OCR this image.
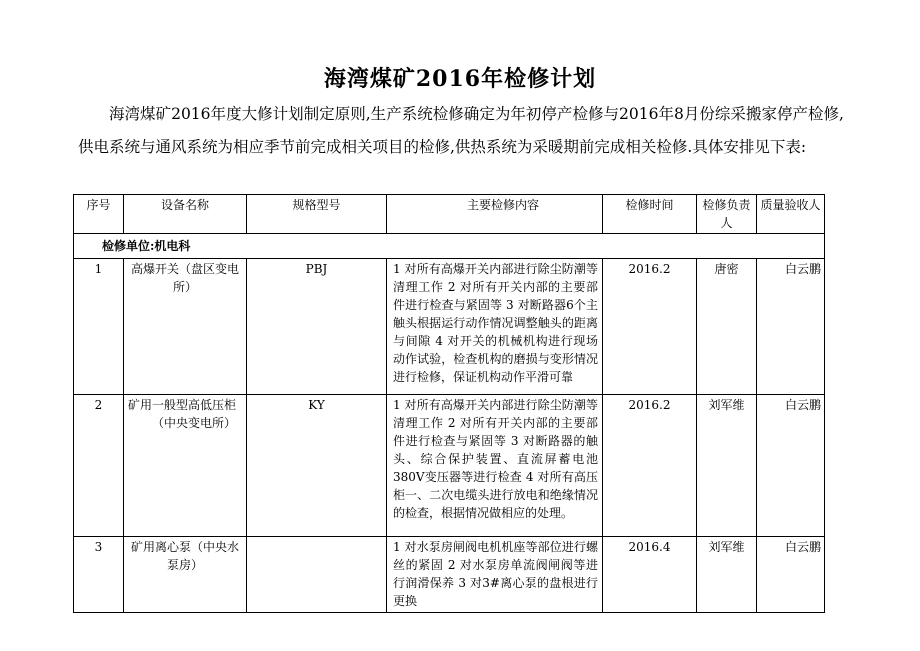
海湾煤矿2016年检修计划
海湾煤矿2016年度大修计划制定原则,生产系统检修确定为年初停产检修与2016年8月份综采搬家停产检修,供电系统与通风系统为相应季节前完成相关项目的检修,供热系统为采暖期前完成相关检修.具体安排见下表:
序号	设备名称	规格型号	主要检修内容	检修时间	检修负责人	质量验收人
检修单位:机电科						
1	高爆开关（盘区变电所）	PBJ	1 对所有高爆开关内部进行除尘防潮等清理工作 2 对所有开关内部的主要部件进行检查与紧固等 3 对断路器6个主触头根据运行动作情况调整触头的距离与间隙 4 对开关的机械机构进行现场动作试验，检查机构的磨损与变形情况进行检修，保证机构动作平滑可靠	2016.2	唐密	白云鹏
2	矿用一般型高低压柜（中央变电所）	KY	1 对所有高爆开关内部进行除尘防潮等清理工作 2 对所有开关内部的主要部件进行检查与紧固等 3 对断路器的触头、综合保护装置、直流屏蓄电池380V变压器等进行检查 4 对所有高压柜一、二次电缆头进行放电和绝缘情况的检查，根据情况做相应的处理。	2016.2	刘军维	白云鹏
3	矿用离心泵（中央水泵房）		1 对水泵房闸阀电机机座等部位进行螺丝的紧固 2 对水泵房单流阀闸阀等进行润滑保养 3 对3#离心泵的盘根进行更换	2016.4	刘军维	白云鹏
